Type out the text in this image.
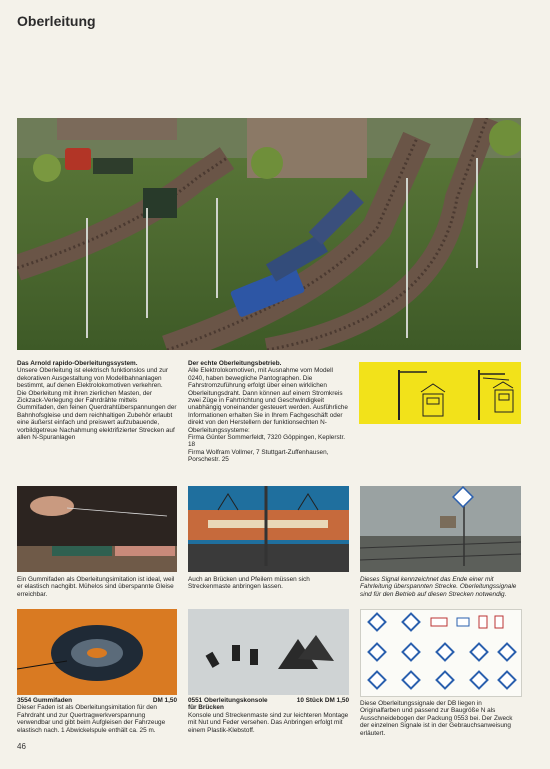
Oberleitung
Das Arnold rapido-Oberleitungssystem.
Unsere Oberleitung ist elektrisch funktionslos und zur dekorativen Ausgestaltung von Modellbahnanlagen bestimmt, auf denen Elektrolokomotiven verkehren.
Die Oberleitung mit ihren zierlichen Masten, der Zickzack-Verlegung der Fahrdrähte mittels Gummifaden, den feinen Querdrahtüberspannungen der Bahnhofsgleise und dem reichhaltigen Zubehör erlaubt eine äußerst einfach und preiswert aufzubauende, vorbildgetreue Nachahmung elektrifizierter Strecken auf allen N-Spuranlagen
Der echte Oberleitungsbetrieb.
Alle Elektrolokomotiven, mit Ausnahme vom Modell 0240, haben bewegliche Pantographen. Die Fahrstromzuführung erfolgt über einen wirklichen Oberleitungsdraht. Dann können auf einem Stromkreis zwei Züge in Fahrtrichtung und Geschwindigkeit unabhängig voneinander gesteuert werden. Ausführliche Informationen erhalten Sie in Ihrem Fachgeschäft oder direkt von den Herstellern der funktionsechten N-Oberleitungssysteme:
Firma Günter Sommerfeldt, 7320 Göppingen, Keplerstr. 18
Firma Wolfram Vollmer, 7 Stuttgart-Zuffenhausen, Porschestr. 25
Ein Gummifaden als Oberleitungsimitation ist ideal, weil er elastisch nachgibt. Mühelos sind überspannte Gleise erreichbar.
Auch an Brücken und Pfeilern müssen sich Streckenmaste anbringen lassen.
Dieses Signal kennzeichnet das Ende einer mit Fahrleitung überspannten Strecke. Oberleitungssignale sind für den Betrieb auf diesen Strecken notwendig.
3554 Gummifaden	DM 1,50
Dieser Faden ist als Oberleitungsimitation für den Fahrdraht und zur Quertragwerkverspannung verwendbar und gibt beim Aufgleisen der Fahrzeuge elastisch nach. 1 Abwickelspule enthält ca. 25 m.
0551 Oberleitungskonsole	10 Stück DM 1,50
für Brücken
Konsole und Streckenmaste sind zur leichteren Montage mit Nut und Feder versehen. Das Anbringen erfolgt mit einem Plastik-Klebstoff.
Diese Oberleitungssignale der DB liegen in Originalfarben und passend zur Baugröße N als Ausschneidebogen der Packung 0553 bei. Der Zweck der einzelnen Signale ist in der Gebrauchsanweisung erläutert.
46
